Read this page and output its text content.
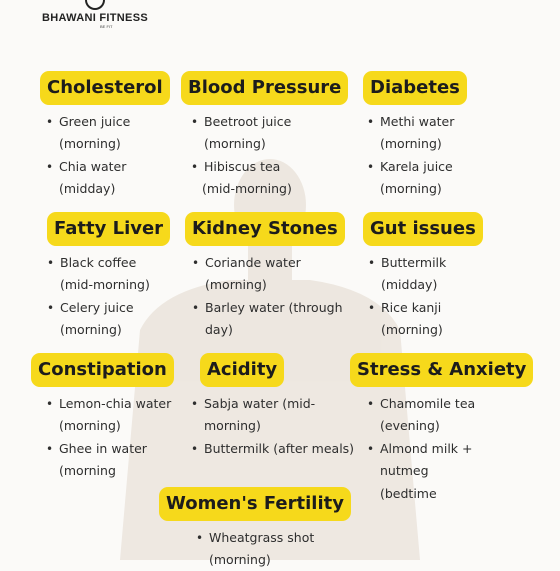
BHAWANI FITNESS
BE FIT
Cholesterol
• Green juice
(morning)
• Chia water
(midday)
Blood Pressure
• Beetroot juice
(morning)
• Hibiscus tea
(mid-morning)
Diabetes
• Methi water
(morning)
• Karela juice
(morning)
Fatty Liver
• Black coffee
(mid-morning)
• Celery juice
(morning)
Kidney Stones
• Coriande water
(morning)
• Barley water (through
day)
Gut issues
• Buttermilk
(midday)
• Rice kanji
(morning)
Constipation
• Lemon-chia water
(morning)
• Ghee in water
(morning
Acidity
• Sabja water (mid-
morning)
• Buttermilk (after meals)
Stress & Anxiety
• Chamomile tea
(evening)
• Almond milk +
nutmeg
(bedtime
Women's Fertility
• Wheatgrass shot
(morning)
